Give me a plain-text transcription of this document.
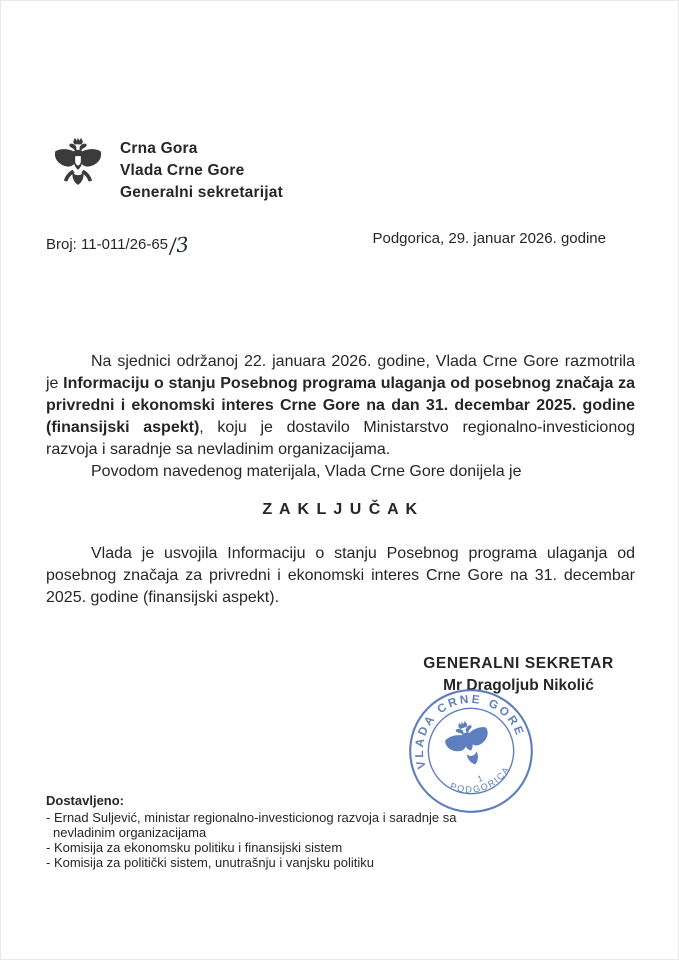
Crna Gora
Vlada Crne Gore
Generalni sekretarijat
Broj: 11-011/26-65/3	Podgorica, 29. januar 2026. godine

Na sjednici održanoj 22. januara 2026. godine, Vlada Crne Gore razmotrila je Informaciju o stanju Posebnog programa ulaganja od posebnog značaja za privredni i ekonomski interes Crne Gore na dan 31. decembar 2025. godine (finansijski aspekt), koju je dostavilo Ministarstvo regionalno-investicionog razvoja i saradnje sa nevladinim organizacijama.

Povodom navedenog materijala, Vlada Crne Gore donijela je

Z A K L J U Č A K

Vlada je usvojila Informaciju o stanju Posebnog programa ulaganja od posebnog značaja za privredni i ekonomski interes Crne Gore na 31. decembar 2025. godine (finansijski aspekt).

GENERALNI SEKRETAR
Mr Dragoljub Nikolić
VLADA CRNE GORE
PODGORICA
1
Dostavljeno:
- Ernad Suljević, ministar regionalno-investicionog razvoja i saradnje sa nevladinim organizacijama
- Komisija za ekonomsku politiku i finansijski sistem
- Komisija za politički sistem, unutrašnju i vanjsku politiku
